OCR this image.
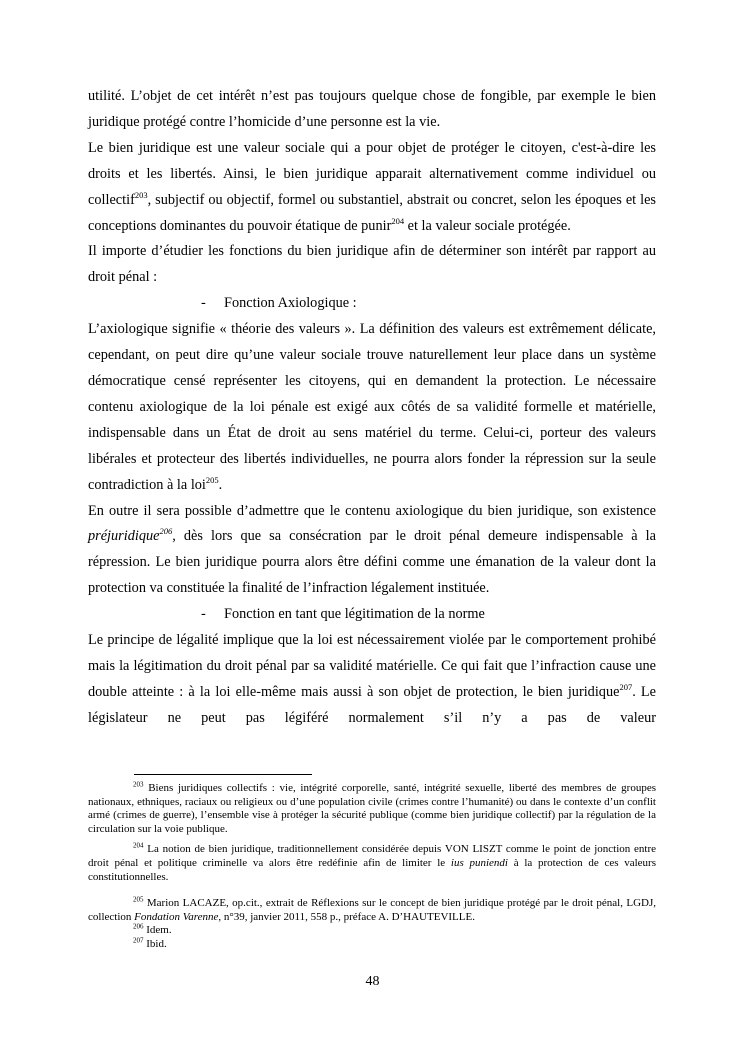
utilité. L’objet de cet intérêt n’est pas toujours quelque chose de fongible, par exemple le bien juridique protégé contre l’homicide d’une personne est la vie.

Le bien juridique est une valeur sociale qui a pour objet de protéger le citoyen, c'est-à-dire les droits et les libertés. Ainsi, le bien juridique apparait alternativement comme individuel ou collectif$^{203}$, subjectif ou objectif, formel ou substantiel, abstrait ou concret, selon les époques et les conceptions dominantes du pouvoir étatique de punir$^{204}$ et la valeur sociale protégée.

Il importe d’étudier les fonctions du bien juridique afin de déterminer son intérêt par rapport au droit pénal :

- Fonction Axiologique :

L’axiologique signifie « théorie des valeurs ». La définition des valeurs est extrêmement délicate, cependant, on peut dire qu’une valeur sociale trouve naturellement leur place dans un système démocratique censé représenter les citoyens, qui en demandent la protection. Le nécessaire contenu axiologique de la loi pénale est exigé aux côtés de sa validité formelle et matérielle, indispensable dans un État de droit au sens matériel du terme. Celui-ci, porteur des valeurs libérales et protecteur des libertés individuelles, ne pourra alors fonder la répression sur la seule contradiction à la loi$^{205}$.

En outre il sera possible d’admettre que le contenu axiologique du bien juridique, son existence préjuridique$^{206}$, dès lors que sa consécration par le droit pénal demeure indispensable à la répression. Le bien juridique pourra alors être défini comme une émanation de la valeur dont la protection va constituée la finalité de l’infraction légalement instituée.

- Fonction en tant que légitimation de la norme

Le principe de légalité implique que la loi est nécessairement violée par le comportement prohibé mais la légitimation du droit pénal par sa validité matérielle. Ce qui fait que l’infraction cause une double atteinte : à la loi elle-même mais aussi à son objet de protection, le bien juridique$^{207}$. Le législateur ne peut pas légiféré normalement s’il n’y a pas de valeur

$^{203}$ Biens juridiques collectifs : vie, intégrité corporelle, santé, intégrité sexuelle, liberté des membres de groupes nationaux, ethniques, raciaux ou religieux ou d’une population civile (crimes contre l’humanité) ou dans le contexte d’un conflit armé (crimes de guerre), l’ensemble vise à protéger la sécurité publique (comme bien juridique collectif) par la régulation de la circulation sur la voie publique.

$^{204}$ La notion de bien juridique, traditionnellement considérée depuis VON LISZT comme le point de jonction entre droit pénal et politique criminelle va alors être redéfinie afin de limiter le ius puniendi à la protection de ces valeurs constitutionnelles.

$^{205}$ Marion LACAZE, op.cit., extrait de Réflexions sur le concept de bien juridique protégé par le droit pénal, LGDJ, collection Fondation Varenne, n°39, janvier 2011, 558 p., préface A. D’HAUTEVILLE.

$^{206}$ Idem.

$^{207}$ Ibid.

48
